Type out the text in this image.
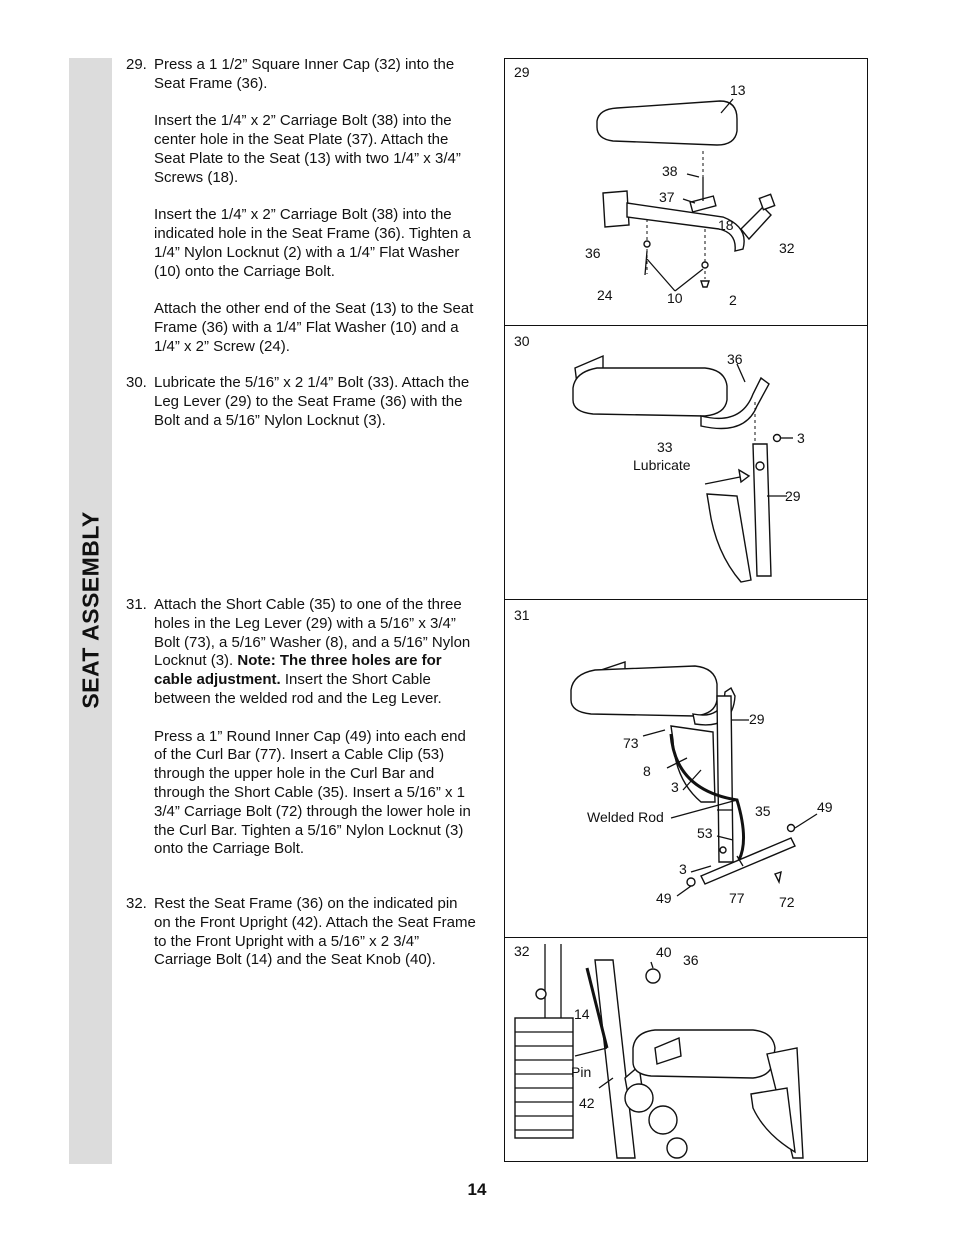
SEAT ASSEMBLY
29. Press a 1 1/2” Square Inner Cap (32) into the Seat Frame (36).

Insert the 1/4” x 2” Carriage Bolt (38) into the center hole in the Seat Plate (37). Attach the Seat Plate to the Seat (13) with two 1/4” x 3/4” Screws (18).

Insert the 1/4” x 2” Carriage Bolt (38) into the indicated hole in the Seat Frame (36). Tighten a 1/4” Nylon Locknut (2) with a 1/4” Flat Washer (10) onto the Carriage Bolt.

Attach the other end of the Seat (13) to the Seat Frame (36) with a 1/4” Flat Washer (10) and a 1/4” x 2” Screw (24).

30. Lubricate the 5/16” x 2 1/4” Bolt (33). Attach the Leg Lever (29) to the Seat Frame (36) with the Bolt and a 5/16” Nylon Locknut (3).

31. Attach the Short Cable (35) to one of the three holes in the Leg Lever (29) with a 5/16” x 3/4” Bolt (73), a 5/16” Washer (8), and a 5/16” Nylon Locknut (3). Note: The three holes are for cable adjustment. Insert the Short Cable between the welded rod and the Leg Lever.

Press a 1” Round Inner Cap (49) into each end of the Curl Bar (77). Insert a Cable Clip (53) through the upper hole in the Curl Bar and through the Short Cable (35). Insert a 5/16” x 1 3/4” Carriage Bolt (72) through the lower hole in the Curl Bar. Tighten a 5/16” Nylon Locknut (3) onto the Carriage Bolt.

32. Rest the Seat Frame (36) on the indicated pin on the Front Upright (42). Attach the Seat Frame to the Front Upright with a 5/16” x 2 3/4” Carriage Bolt (14) and the Seat Knob (40).

29
13
38
37
18
36	32
24	10	2
30
36
33
Lubricate
3
29
31
29
73
8
3
Welded Rod	35	49
53
3
49	77 72
32	40 36
14
Pin
42
14
